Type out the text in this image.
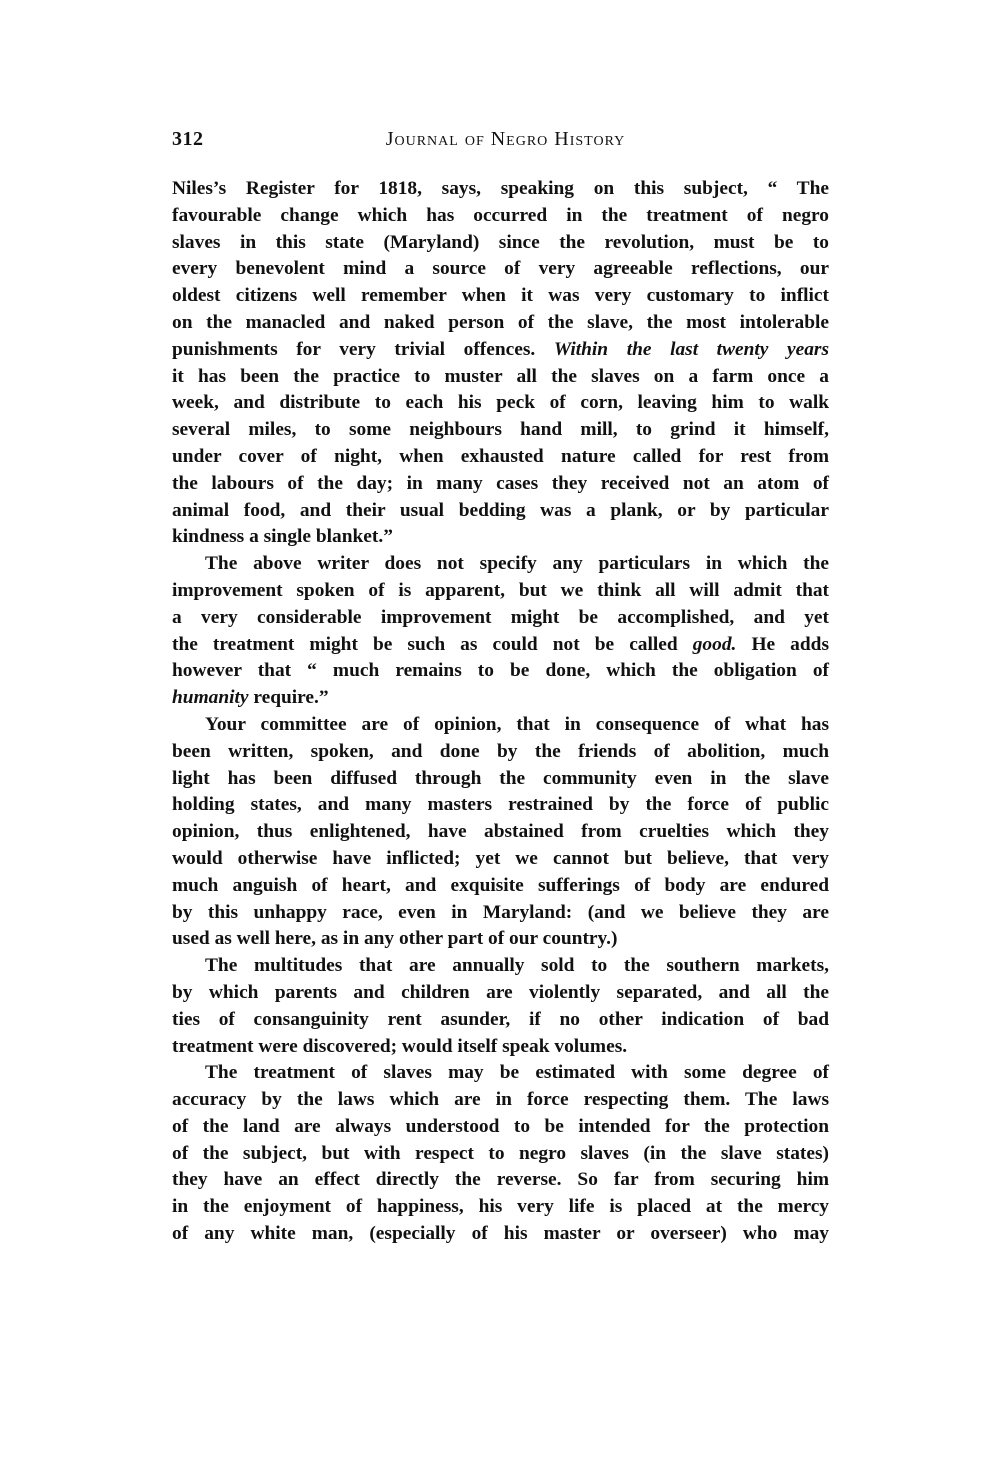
312	Journal of Negro History
Niles’s Register for 1818, says, speaking on this subject, “ The
favourable change which has occurred in the treatment of negro
slaves in this state (Maryland) since the revolution, must be to
every benevolent mind a source of very agreeable reflections, our
oldest citizens well remember when it was very customary to inflict
on the manacled and naked person of the slave, the most intolerable
punishments for very trivial offences. Within the last twenty years
it has been the practice to muster all the slaves on a farm once a
week, and distribute to each his peck of corn, leaving him to walk
several miles, to some neighbours hand mill, to grind it himself,
under cover of night, when exhausted nature called for rest from
the labours of the day; in many cases they received not an atom of
animal food, and their usual bedding was a plank, or by particular
kindness a single blanket.”
The above writer does not specify any particulars in which the
improvement spoken of is apparent, but we think all will admit that
a very considerable improvement might be accomplished, and yet
the treatment might be such as could not be called good. He adds
however that “ much remains to be done, which the obligation of
humanity require.”
Your committee are of opinion, that in consequence of what has
been written, spoken, and done by the friends of abolition, much
light has been diffused through the community even in the slave
holding states, and many masters restrained by the force of public
opinion, thus enlightened, have abstained from cruelties which they
would otherwise have inflicted; yet we cannot but believe, that very
much anguish of heart, and exquisite sufferings of body are endured
by this unhappy race, even in Maryland: (and we believe they are
used as well here, as in any other part of our country.)
The multitudes that are annually sold to the southern markets,
by which parents and children are violently separated, and all the
ties of consanguinity rent asunder, if no other indication of bad
treatment were discovered; would itself speak volumes.
The treatment of slaves may be estimated with some degree of
accuracy by the laws which are in force respecting them. The laws
of the land are always understood to be intended for the protection
of the subject, but with respect to negro slaves (in the slave states)
they have an effect directly the reverse. So far from securing him
in the enjoyment of happiness, his very life is placed at the mercy
of any white man, (especially of his master or overseer) who may
